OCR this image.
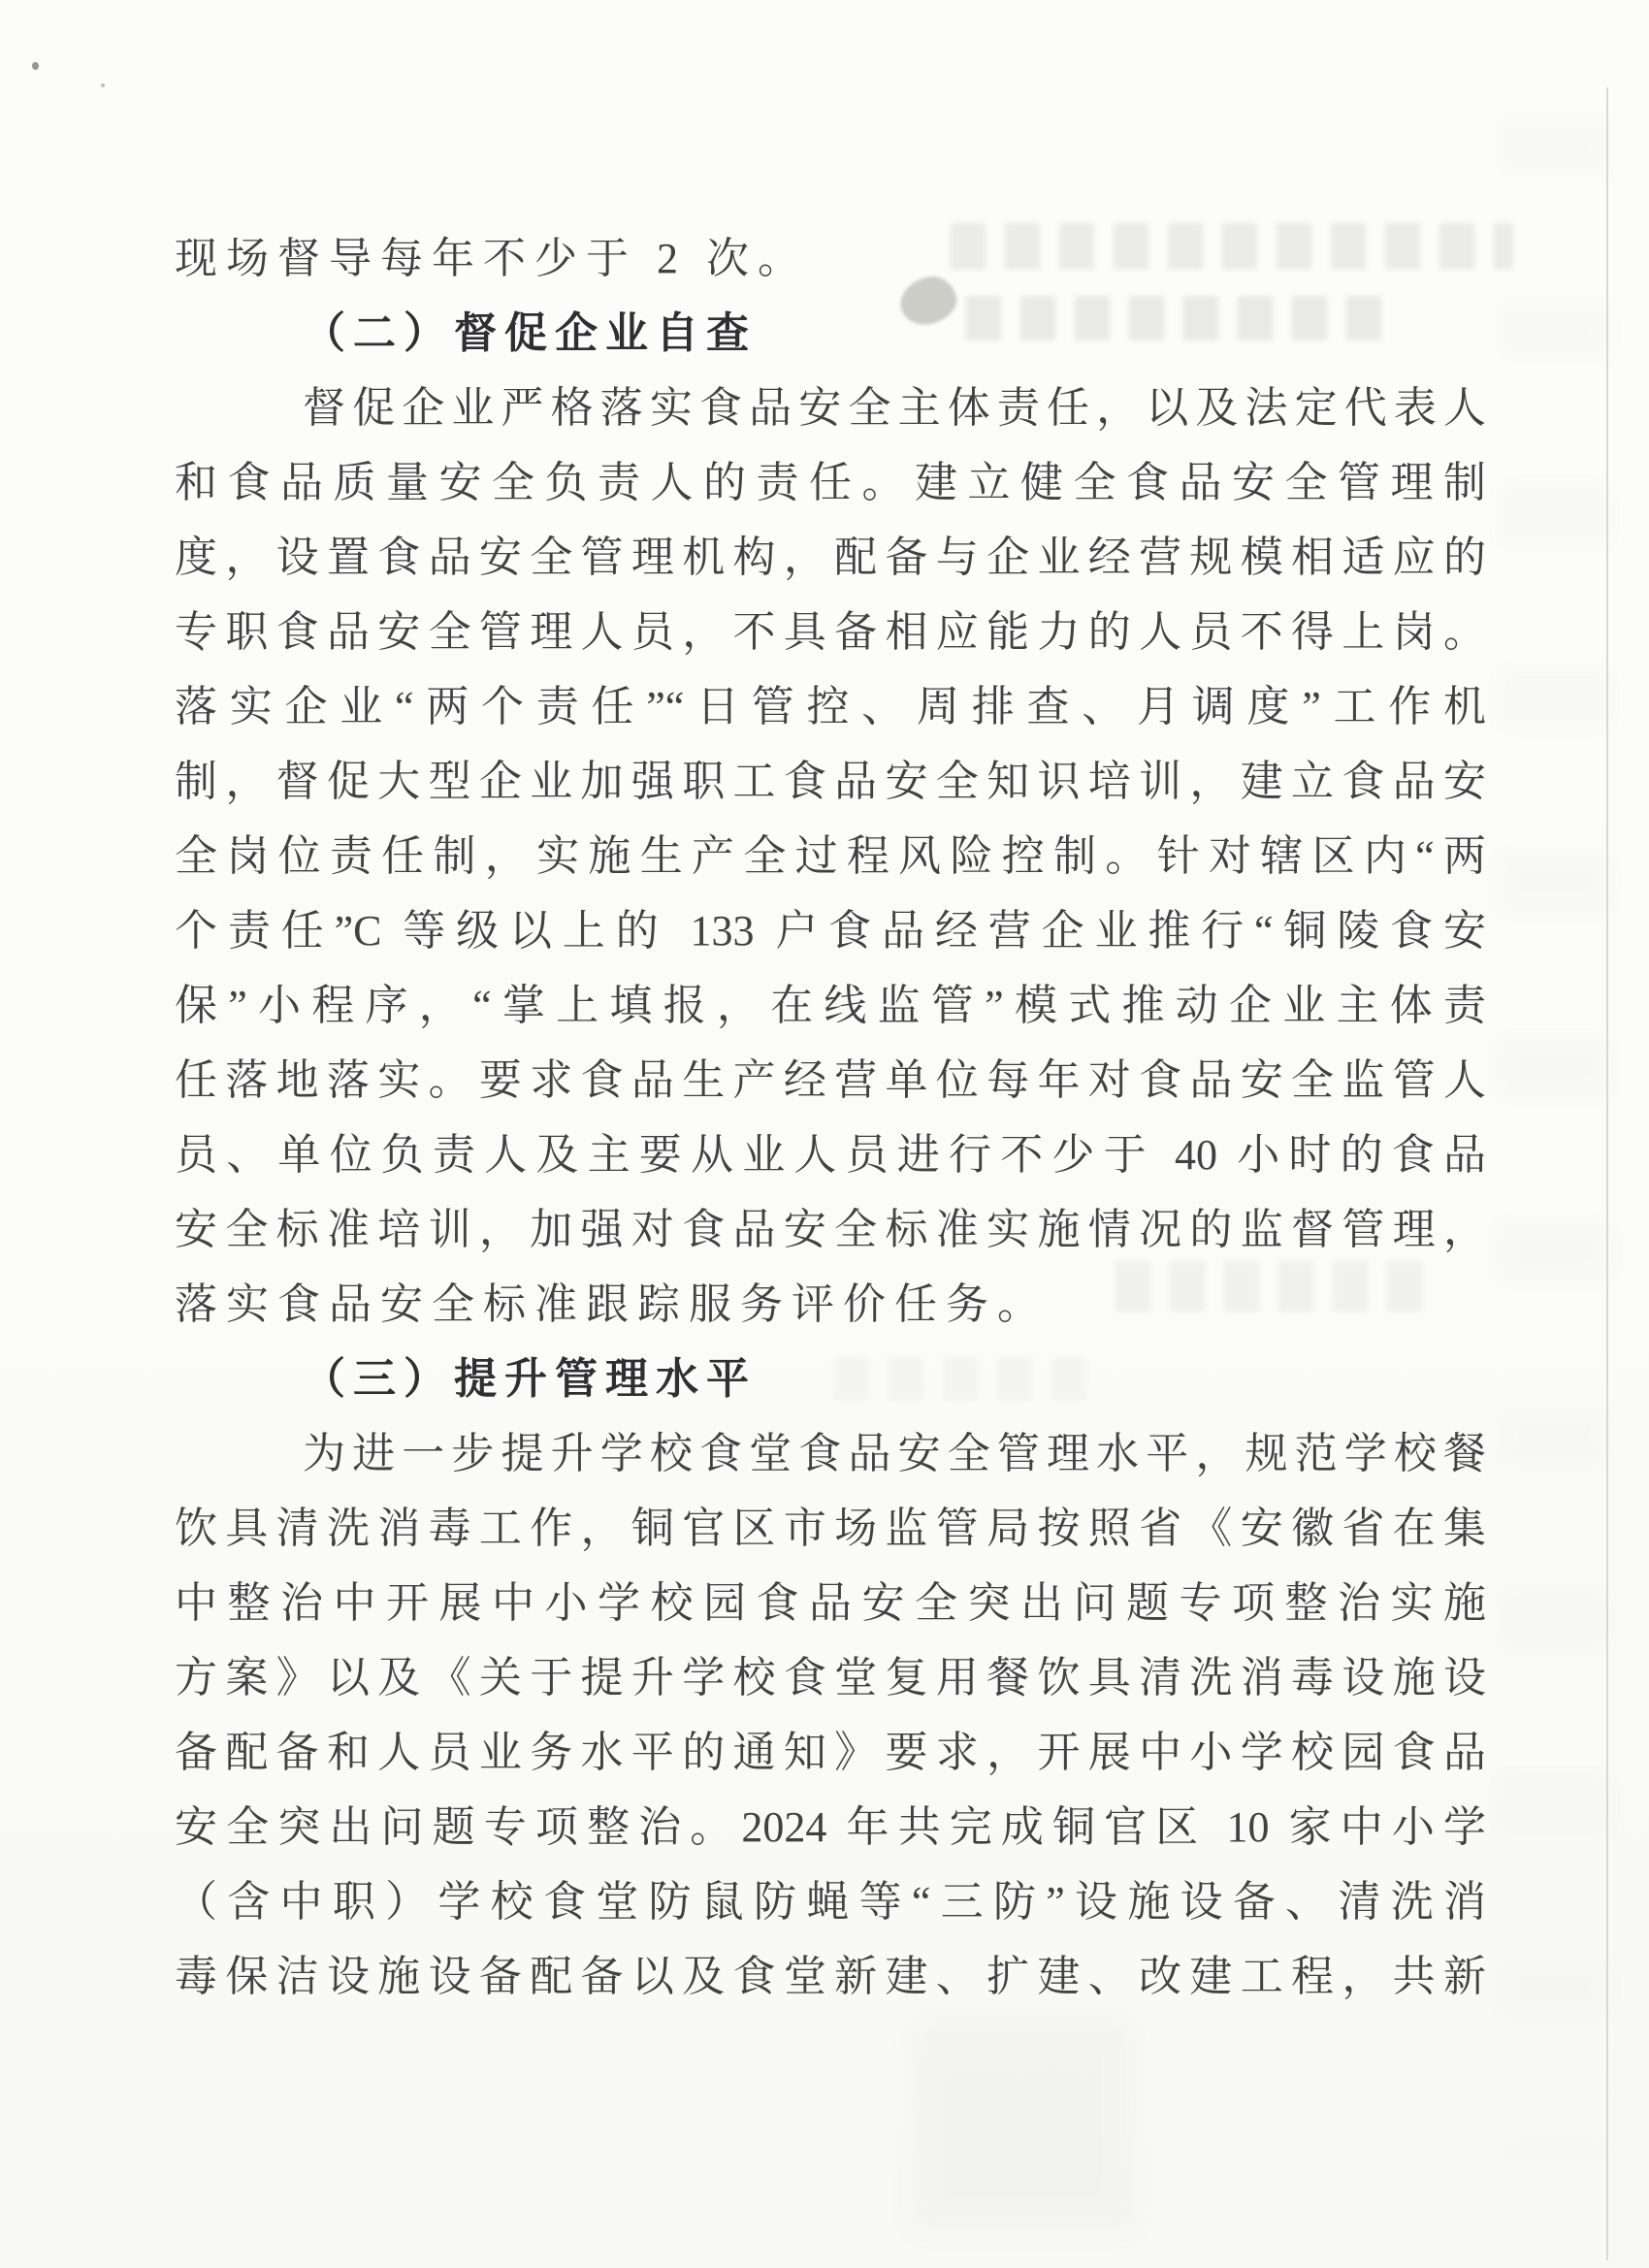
现场督导每年不少于 2 次。
（二）督促企业自查
督促企业严格落实食品安全主体责任，以及法定代表人
和食品质量安全负责人的责任。建立健全食品安全管理制
度，设置食品安全管理机构，配备与企业经营规模相适应的
专职食品安全管理人员，不具备相应能力的人员不得上岗。
落实企业“两个责任”“日管控、周排查、月调度”工作机
制，督促大型企业加强职工食品安全知识培训，建立食品安
全岗位责任制，实施生产全过程风险控制。针对辖区内“两
个责任”C 等级以上的 133 户食品经营企业推行“铜陵食安
保”小程序，“掌上填报，在线监管”模式推动企业主体责
任落地落实。要求食品生产经营单位每年对食品安全监管人
员、单位负责人及主要从业人员进行不少于 40 小时的食品
安全标准培训，加强对食品安全标准实施情况的监督管理，
落实食品安全标准跟踪服务评价任务。
（三）提升管理水平
为进一步提升学校食堂食品安全管理水平，规范学校餐
饮具清洗消毒工作，铜官区市场监管局按照省《安徽省在集
中整治中开展中小学校园食品安全突出问题专项整治实施
方案》以及《关于提升学校食堂复用餐饮具清洗消毒设施设
备配备和人员业务水平的通知》要求，开展中小学校园食品
安全突出问题专项整治。2024 年共完成铜官区 10 家中小学
（含中职）学校食堂防鼠防蝇等“三防”设施设备、清洗消
毒保洁设施设备配备以及食堂新建、扩建、改建工程，共新
